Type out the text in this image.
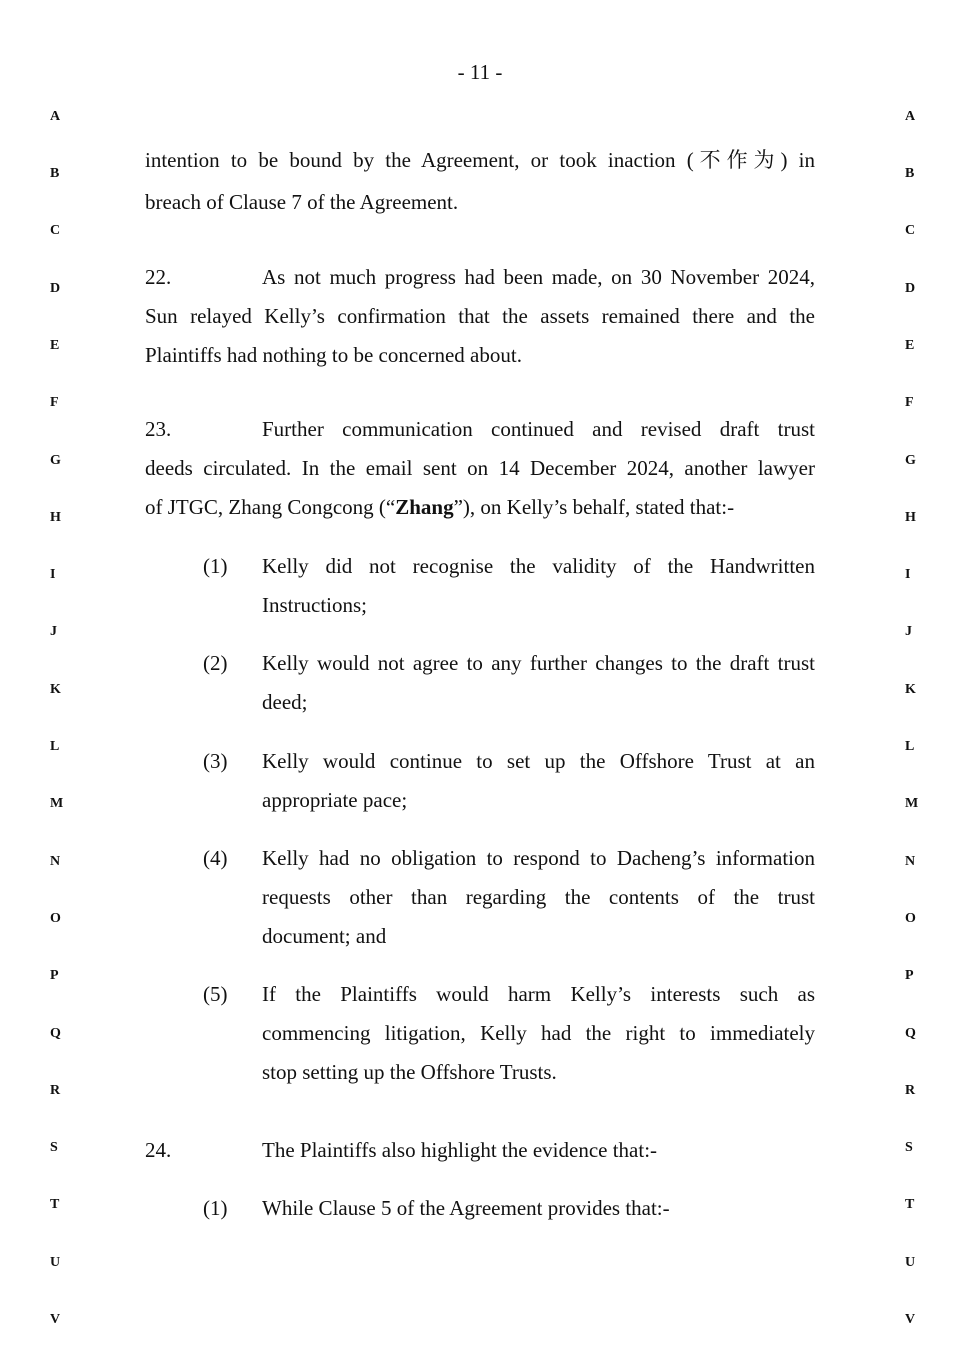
- 11 -
A
B
C
D
E
F
G
H
I
J
K
L
M
N
O
P
Q
R
S
T
U
V
A
B
C
D
E
F
G
H
I
J
K
L
M
N
O
P
Q
R
S
T
U
V
intention to be bound by the Agreement, or took inaction (不作为) in
breach of Clause 7 of the Agreement.
22.	As not much progress had been made, on 30 November 2024,
Sun relayed Kelly’s confirmation that the assets remained there and the
Plaintiffs had nothing to be concerned about.
23.	Further communication continued and revised draft trust
deeds circulated. In the email sent on 14 December 2024, another lawyer
of JTGC, Zhang Congcong (“Zhang”), on Kelly’s behalf, stated that:-
(1) Kelly did not recognise the validity of the Handwritten
Instructions;
(2) Kelly would not agree to any further changes to the draft trust
deed;
(3) Kelly would continue to set up the Offshore Trust at an
appropriate pace;
(4) Kelly had no obligation to respond to Dacheng’s information
requests other than regarding the contents of the trust
document; and
(5) If the Plaintiffs would harm Kelly’s interests such as
commencing litigation, Kelly had the right to immediately
stop setting up the Offshore Trusts.
24.	The Plaintiffs also highlight the evidence that:-
(1) While Clause 5 of the Agreement provides that:-
